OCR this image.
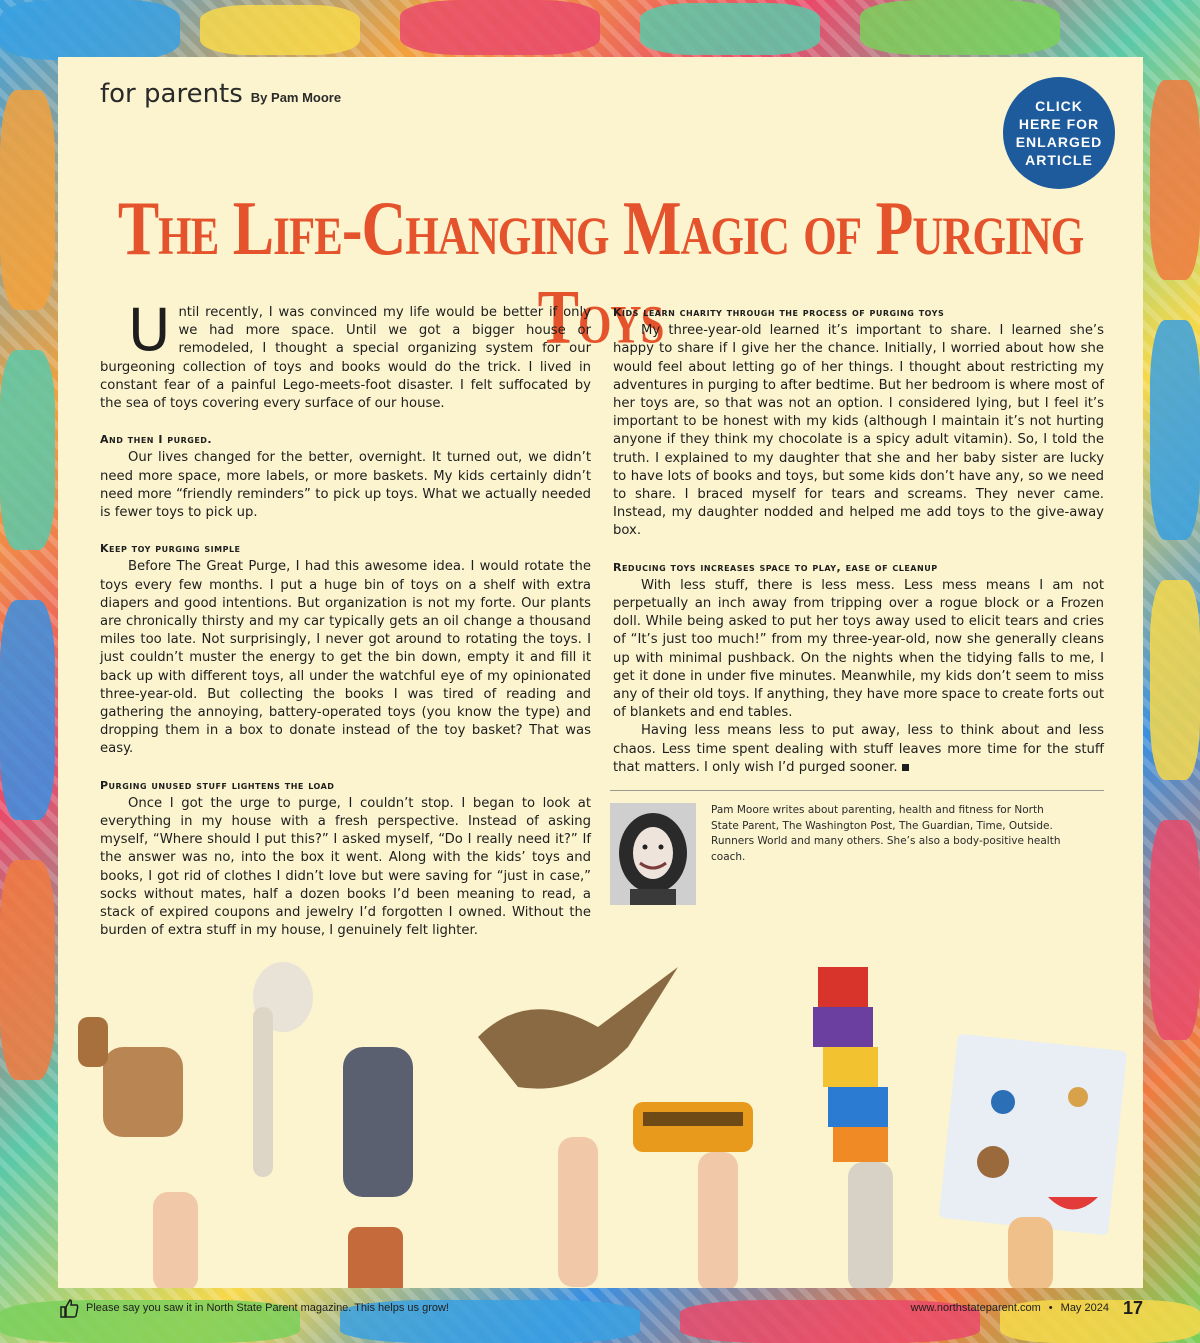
for parents By Pam Moore
CLICK
HERE FOR
ENLARGED
ARTICLE
The Life-Changing Magic of Purging Toys

Until recently, I was convinced my life would be better if only we had more space. Until we got a bigger house or remodeled, I thought a special organizing system for our burgeoning collection of toys and books would do the trick. I lived in constant fear of a painful Lego-meets-foot disaster. I felt suffocated by the sea of toys covering every surface of our house.

And then I purged.

Our lives changed for the better, overnight. It turned out, we didn’t need more space, more labels, or more baskets. My kids certainly didn’t need more “friendly reminders” to pick up toys. What we actually needed is fewer toys to pick up.

Keep toy purging simple

Before The Great Purge, I had this awesome idea. I would rotate the toys every few months. I put a huge bin of toys on a shelf with extra diapers and good intentions. But organization is not my forte. Our plants are chronically thirsty and my car typically gets an oil change a thousand miles too late. Not surprisingly, I never got around to rotating the toys. I just couldn’t muster the energy to get the bin down, empty it and fill it back up with different toys, all under the watchful eye of my opinionated three-year-old. But collecting the books I was tired of reading and gathering the annoying, battery-operated toys (you know the type) and dropping them in a box to donate instead of the toy basket? That was easy.

Purging unused stuff lightens the load

Once I got the urge to purge, I couldn’t stop. I began to look at everything in my house with a fresh perspective. Instead of asking myself, “Where should I put this?” I asked myself, “Do I really need it?” If the answer was no, into the box it went. Along with the kids’ toys and books, I got rid of clothes I didn’t love but were saving for “just in case,” socks without mates, half a dozen books I’d been meaning to read, a stack of expired coupons and jewelry I’d forgotten I owned. Without the burden of extra stuff in my house, I genuinely felt lighter.

Kids learn charity through the process of purging toys

My three-year-old learned it’s important to share. I learned she’s happy to share if I give her the chance. Initially, I worried about how she would feel about letting go of her things. I thought about restricting my adventures in purging to after bedtime. But her bedroom is where most of her toys are, so that was not an option. I considered lying, but I feel it’s important to be honest with my kids (although I maintain it’s not hurting anyone if they think my chocolate is a spicy adult vitamin). So, I told the truth. I explained to my daughter that she and her baby sister are lucky to have lots of books and toys, but some kids don’t have any, so we need to share. I braced myself for tears and screams. They never came. Instead, my daughter nodded and helped me add toys to the give-away box.

Reducing toys increases space to play, ease of cleanup

With less stuff, there is less mess. Less mess means I am not perpetually an inch away from tripping over a rogue block or a Frozen doll. While being asked to put her toys away used to elicit tears and cries of “It’s just too much!” from my three-year-old, now she generally cleans up with minimal pushback. On the nights when the tidying falls to me, I get it done in under five minutes. Meanwhile, my kids don’t seem to miss any of their old toys. If anything, they have more space to create forts out of blankets and end tables.

Having less means less to put away, less to think about and less chaos. Less time spent dealing with stuff leaves more time for the stuff that matters. I only wish I’d purged sooner.

Pam Moore writes about parenting, health and fitness for North State Parent, The Washington Post, The Guardian, Time, Outside. Runners World and many others. She’s also a body-positive health coach.
Please say you saw it in North State Parent magazine. This helps us grow!	www.northstateparent.com • May 2024 17
